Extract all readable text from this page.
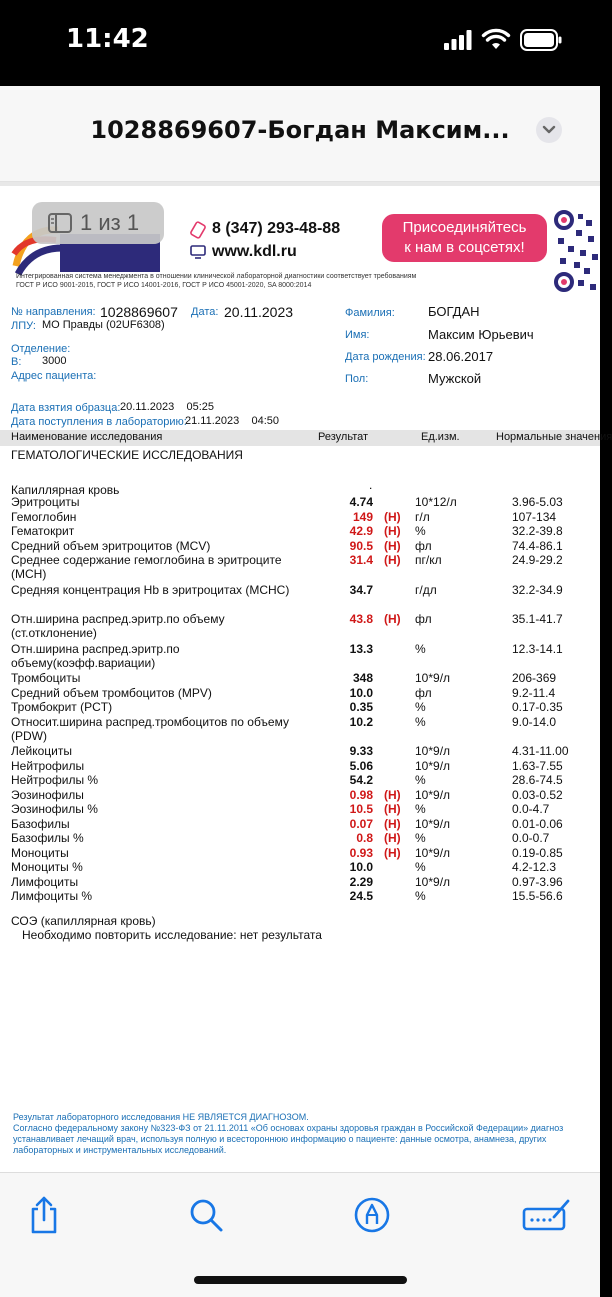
11:42
1028869607-Богдан Максим...
1 из 1	8 (347) 293-48-88
www.kdl.ru
Присоединяйтесь
к нам в соцсетях!
Интегрированная система менеджмента в отношении клинической лабораторной диагностики соответствует требованиям
ГОСТ Р ИСО 9001-2015, ГОСТ Р ИСО 14001-2016, ГОСТ Р ИСО 45001-2020, SA 8000:2014
№ направления: 1028869607 Дата: 20.11.2023
ЛПУ: МО Правды (02UF6308)
Отделение:
В: 3000
Адрес пациента:
Фамилия:	БОГДАН
Имя:	Максим Юрьевич
Дата рождения: 28.06.2017
Пол:	Мужской
Дата взятия образца: 20.11.2023    05:25
Дата поступления в лабораторию:
21.11.2023    04:50
Наименование исследования	Результат	Ед.изм.	Нормальные значения
ГЕМАТОЛОГИЧЕСКИЕ ИССЛЕДОВАНИЯ
.
Капиллярная кровь
Эритроциты	4.74	10*12/л	3.96-5.03
Гемоглобин	149 (H) г/л	107-134
Гематокрит	42.9 (H) %	32.2-39.8
Средний объем эритроцитов (MCV)	90.5 (H) фл	74.4-86.1
Среднее содержание гемоглобина в эритроците (MCH)
31.4 (H) пг/кл	24.9-29.2
Средняя концентрация Hb в эритроцитах (MCHC)	34.7	г/дл	32.2-34.9
Отн.ширина распред.эритр.по объему (ст.отклонение)
43.8 (H) фл	35.1-41.7
Отн.ширина распред.эритр.по объему(коэфф.вариации)
13.3	%	12.3-14.1
Тромбоциты	348	10*9/л	206-369
Средний объем тромбоцитов (MPV)	10.0	фл	9.2-11.4
Тромбокрит (PCT)	0.35	%	0.17-0.35
Относит.ширина распред.тромбоцитов по объему (PDW)
10.2	%	9.0-14.0
Лейкоциты	9.33	10*9/л	4.31-11.00
Нейтрофилы	5.06	10*9/л	1.63-7.55
Нейтрофилы %	54.2	%	28.6-74.5
Эозинофилы	0.98 (H) 10*9/л	0.03-0.52
Эозинофилы %	10.5 (H) %	0.0-4.7
Базофилы	0.07 (H) 10*9/л	0.01-0.06
Базофилы %	0.8 (H) %	0.0-0.7
Моноциты	0.93 (H) 10*9/л	0.19-0.85
Моноциты %	10.0	%	4.2-12.3
Лимфоциты	2.29	10*9/л	0.97-3.96
Лимфоциты %	24.5	%	15.5-56.6
СОЭ (капиллярная кровь)
Необходимо повторить исследование: нет результата
Результат лабораторного исследования НЕ ЯВЛЯЕТСЯ ДИАГНОЗОМ.
Согласно федеральному закону №323-ФЗ от 21.11.2011 «Об основах охраны здоровья граждан в Российской Федерации» диагноз
устанавливает лечащий врач, используя полную и всестороннюю информацию о пациенте: данные осмотра, анамнеза, других
лабораторных и инструментальных исследований.
